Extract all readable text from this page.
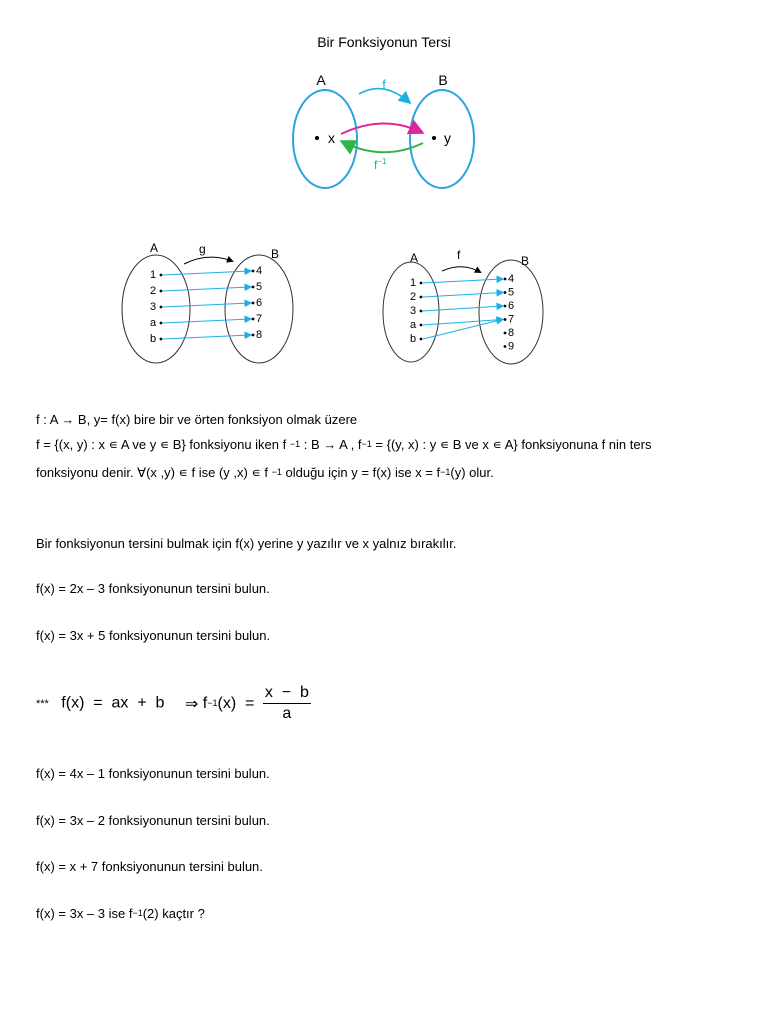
Bir Fonksiyonun Tersi
A	B
f
x	y
$f^{-1}$
A	B
g
1
2
3
a
b
4
5
6
7
8
A	B
f
1
2
3
a
b
4
5
6
7
8
9
f : A → B, y= f(x) bire bir ve örten fonksiyon olmak üzere
f = {(x, y) : x ∊ A ve y ∊ B} fonksiyonu iken f $^{-1}$ : B → A , $f^{-1} = \{(y$, x) : y ∊ B ve x ∊ A} fonksiyonuna f nin ters
fonksiyonu denir. ∀(x ,y) ∊ f ise (y ,x) ∊ f $^{-1}$ olduğu için y = f(x) ise $x = f^{-1}(y)$ olur.
Bir fonksiyonun tersini bulmak için f(x) yerine y yazılır ve x yalnız bırakılır.
f(x) = 2x – 3 fonksiyonunun tersini bulun.
f(x) = 3x + 5 fonksiyonunun tersini bulun.
*** f(x)  =  ax  +  b ⇒ $f^{-1}(x) = \frac{x - b}{a}$
f(x) = 4x – 1 fonksiyonunun tersini bulun.
f(x) = 3x – 2 fonksiyonunun tersini bulun.
f(x) = x + 7 fonksiyonunun tersini bulun.
f(x) = 3x – 3 ise $f^{-1}(2)$ kaçtır ?
